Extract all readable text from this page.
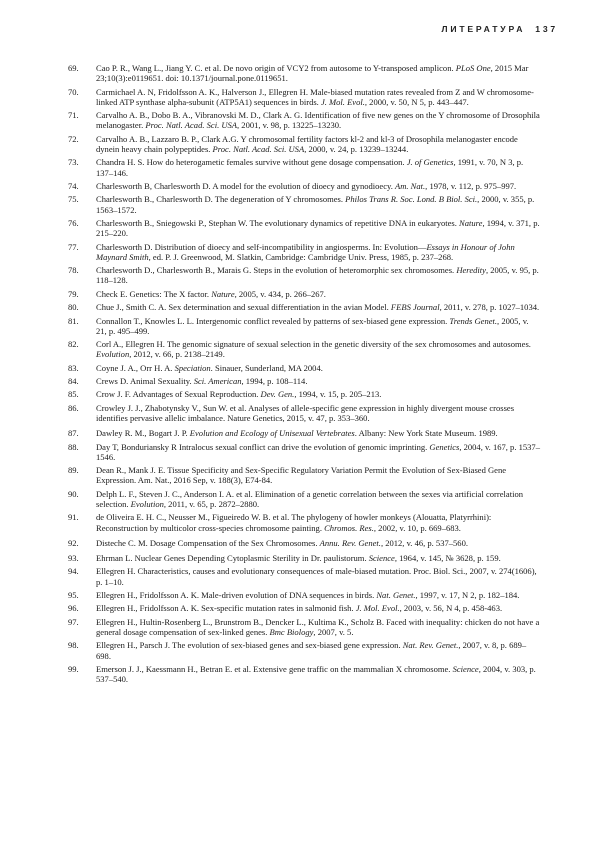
ЛИТЕРАТУРА 137
69. Cao P. R., Wang L., Jiang Y. C. et al. De novo origin of VCY2 from autosome to Y-transposed amplicon. PLoS One, 2015 Mar 23;10(3):e0119651. doi: 10.1371/journal.pone.0119651.
70. Carmichael A. N, Fridolfsson A. K., Halverson J., Ellegren H. Male-biased mutation rates revealed from Z and W chromosome-linked ATP synthase alpha-subunit (ATP5A1) sequences in birds. J. Mol. Evol., 2000, v. 50, N 5, p. 443–447.
71. Carvalho A. B., Dobo B. A., Vibranovski M. D., Clark A. G. Identification of five new genes on the Y chromosome of Drosophila melanogaster. Proc. Natl. Acad. Sci. USA, 2001, v. 98, p. 13225–13230.
72. Carvalho A. B., Lazzaro B. P., Clark A.G. Y chromosomal fertility factors kl-2 and kl-3 of Drosophila melanogaster encode dynein heavy chain polypeptides. Proc. Natl. Acad. Sci. USA, 2000, v. 24, p. 13239–13244.
73. Chandra H. S. How do heterogametic females survive without gene dosage compensation. J. of Genetics, 1991, v. 70, N 3, p. 137–146.
74. Charlesworth B, Charlesworth D. A model for the evolution of dioecy and gynodioecy. Am. Nat., 1978, v. 112, p. 975–997.
75. Charlesworth B., Charlesworth D. The degeneration of Y chromosomes. Philos Trans R. Soc. Lond. B Biol. Sci., 2000, v. 355, p. 1563–1572.
76. Charlesworth B., Sniegowski P., Stephan W. The evolutionary dynamics of repetitive DNA in eukaryotes. Nature, 1994, v. 371, p. 215–220.
77. Charlesworth D. Distribution of dioecy and self-incompatibility in angiosperms. In: Evolution—Essays in Honour of John Maynard Smith, ed. P. J. Greenwood, M. Slatkin, Cambridge: Cambridge Univ. Press, 1985, p. 237–268.
78. Charlesworth D., Charlesworth B., Marais G. Steps in the evolution of heteromorphic sex chromosomes. Heredity, 2005, v. 95, p. 118–128.
79. Check E. Genetics: The X factor. Nature, 2005, v. 434, p. 266–267.
80. Chue J., Smith C. A. Sex determination and sexual differentiation in the avian Model. FEBS Journal, 2011, v. 278, p. 1027–1034.
81. Connallon T., Knowles L. L. Intergenomic conflict revealed by patterns of sex-biased gene expression. Trends Genet., 2005, v. 21, p. 495–499.
82. Corl A., Ellegren H. The genomic signature of sexual selection in the genetic diversity of the sex chromosomes and autosomes. Evolution, 2012, v. 66, p. 2138–2149.
83. Coyne J. A., Orr H. A. Speciation. Sinauer, Sunderland, MA 2004.
84. Crews D. Animal Sexuality. Sci. American, 1994, p. 108–114.
85. Crow J. F. Advantages of Sexual Reproduction. Dev. Gen., 1994, v. 15, p. 205–213.
86. Crowley J. J., Zhabotynsky V., Sun W. et al. Analyses of allele-specific gene expression in highly divergent mouse crosses identifies pervasive allelic imbalance. Nature Genetics, 2015, v. 47, p. 353–360.
87. Dawley R. M., Bogart J. P. Evolution and Ecology of Unisexual Vertebrates. Albany: New York State Museum. 1989.
88. Day T, Bonduriansky R Intralocus sexual conflict can drive the evolution of genomic imprinting. Genetics, 2004, v. 167, p. 1537–1546.
89. Dean R., Mank J. E. Tissue Specificity and Sex-Specific Regulatory Variation Permit the Evolution of Sex-Biased Gene Expression. Am. Nat., 2016 Sep, v. 188(3), E74-84.
90. Delph L. F., Steven J. C., Anderson I. A. et al. Elimination of a genetic correlation between the sexes via artificial correlation selection. Evolution, 2011, v. 65, p. 2872–2880.
91. de Oliveira E. H. C., Neusser M., Figueiredo W. B. et al. The phylogeny of howler monkeys (Alouatta, Platyrrhini): Reconstruction by multicolor cross-species chromosome painting. Chromos. Res., 2002, v. 10, p. 669–683.
92. Disteche C. M. Dosage Compensation of the Sex Chromosomes. Annu. Rev. Genet., 2012, v. 46, p. 537–560.
93. Ehrman L. Nuclear Genes Depending Cytoplasmic Sterility in Dr. paulistorum. Science, 1964, v. 145, № 3628, p. 159.
94. Ellegren H. Characteristics, causes and evolutionary consequences of male-biased mutation. Proc. Biol. Sci., 2007, v. 274(1606), p. 1–10.
95. Ellegren H., Fridolfsson A. K. Male-driven evolution of DNA sequences in birds. Nat. Genet., 1997, v. 17, N 2, p. 182–184.
96. Ellegren H., Fridolfsson A. K. Sex-specific mutation rates in salmonid fish. J. Mol. Evol., 2003, v. 56, N 4, p. 458-463.
97. Ellegren H., Hultin-Rosenberg L., Brunstrom B., Dencker L., Kultima K., Scholz B. Faced with inequality: chicken do not have a general dosage compensation of sex-linked genes. Bmc Biology, 2007, v. 5.
98. Ellegren H., Parsch J. The evolution of sex-biased genes and sex-biased gene expression. Nat. Rev. Genet., 2007, v. 8, p. 689–698.
99. Emerson J. J., Kaessmann H., Betran E. et al. Extensive gene traffic on the mammalian X chromosome. Science, 2004, v. 303, p. 537–540.
